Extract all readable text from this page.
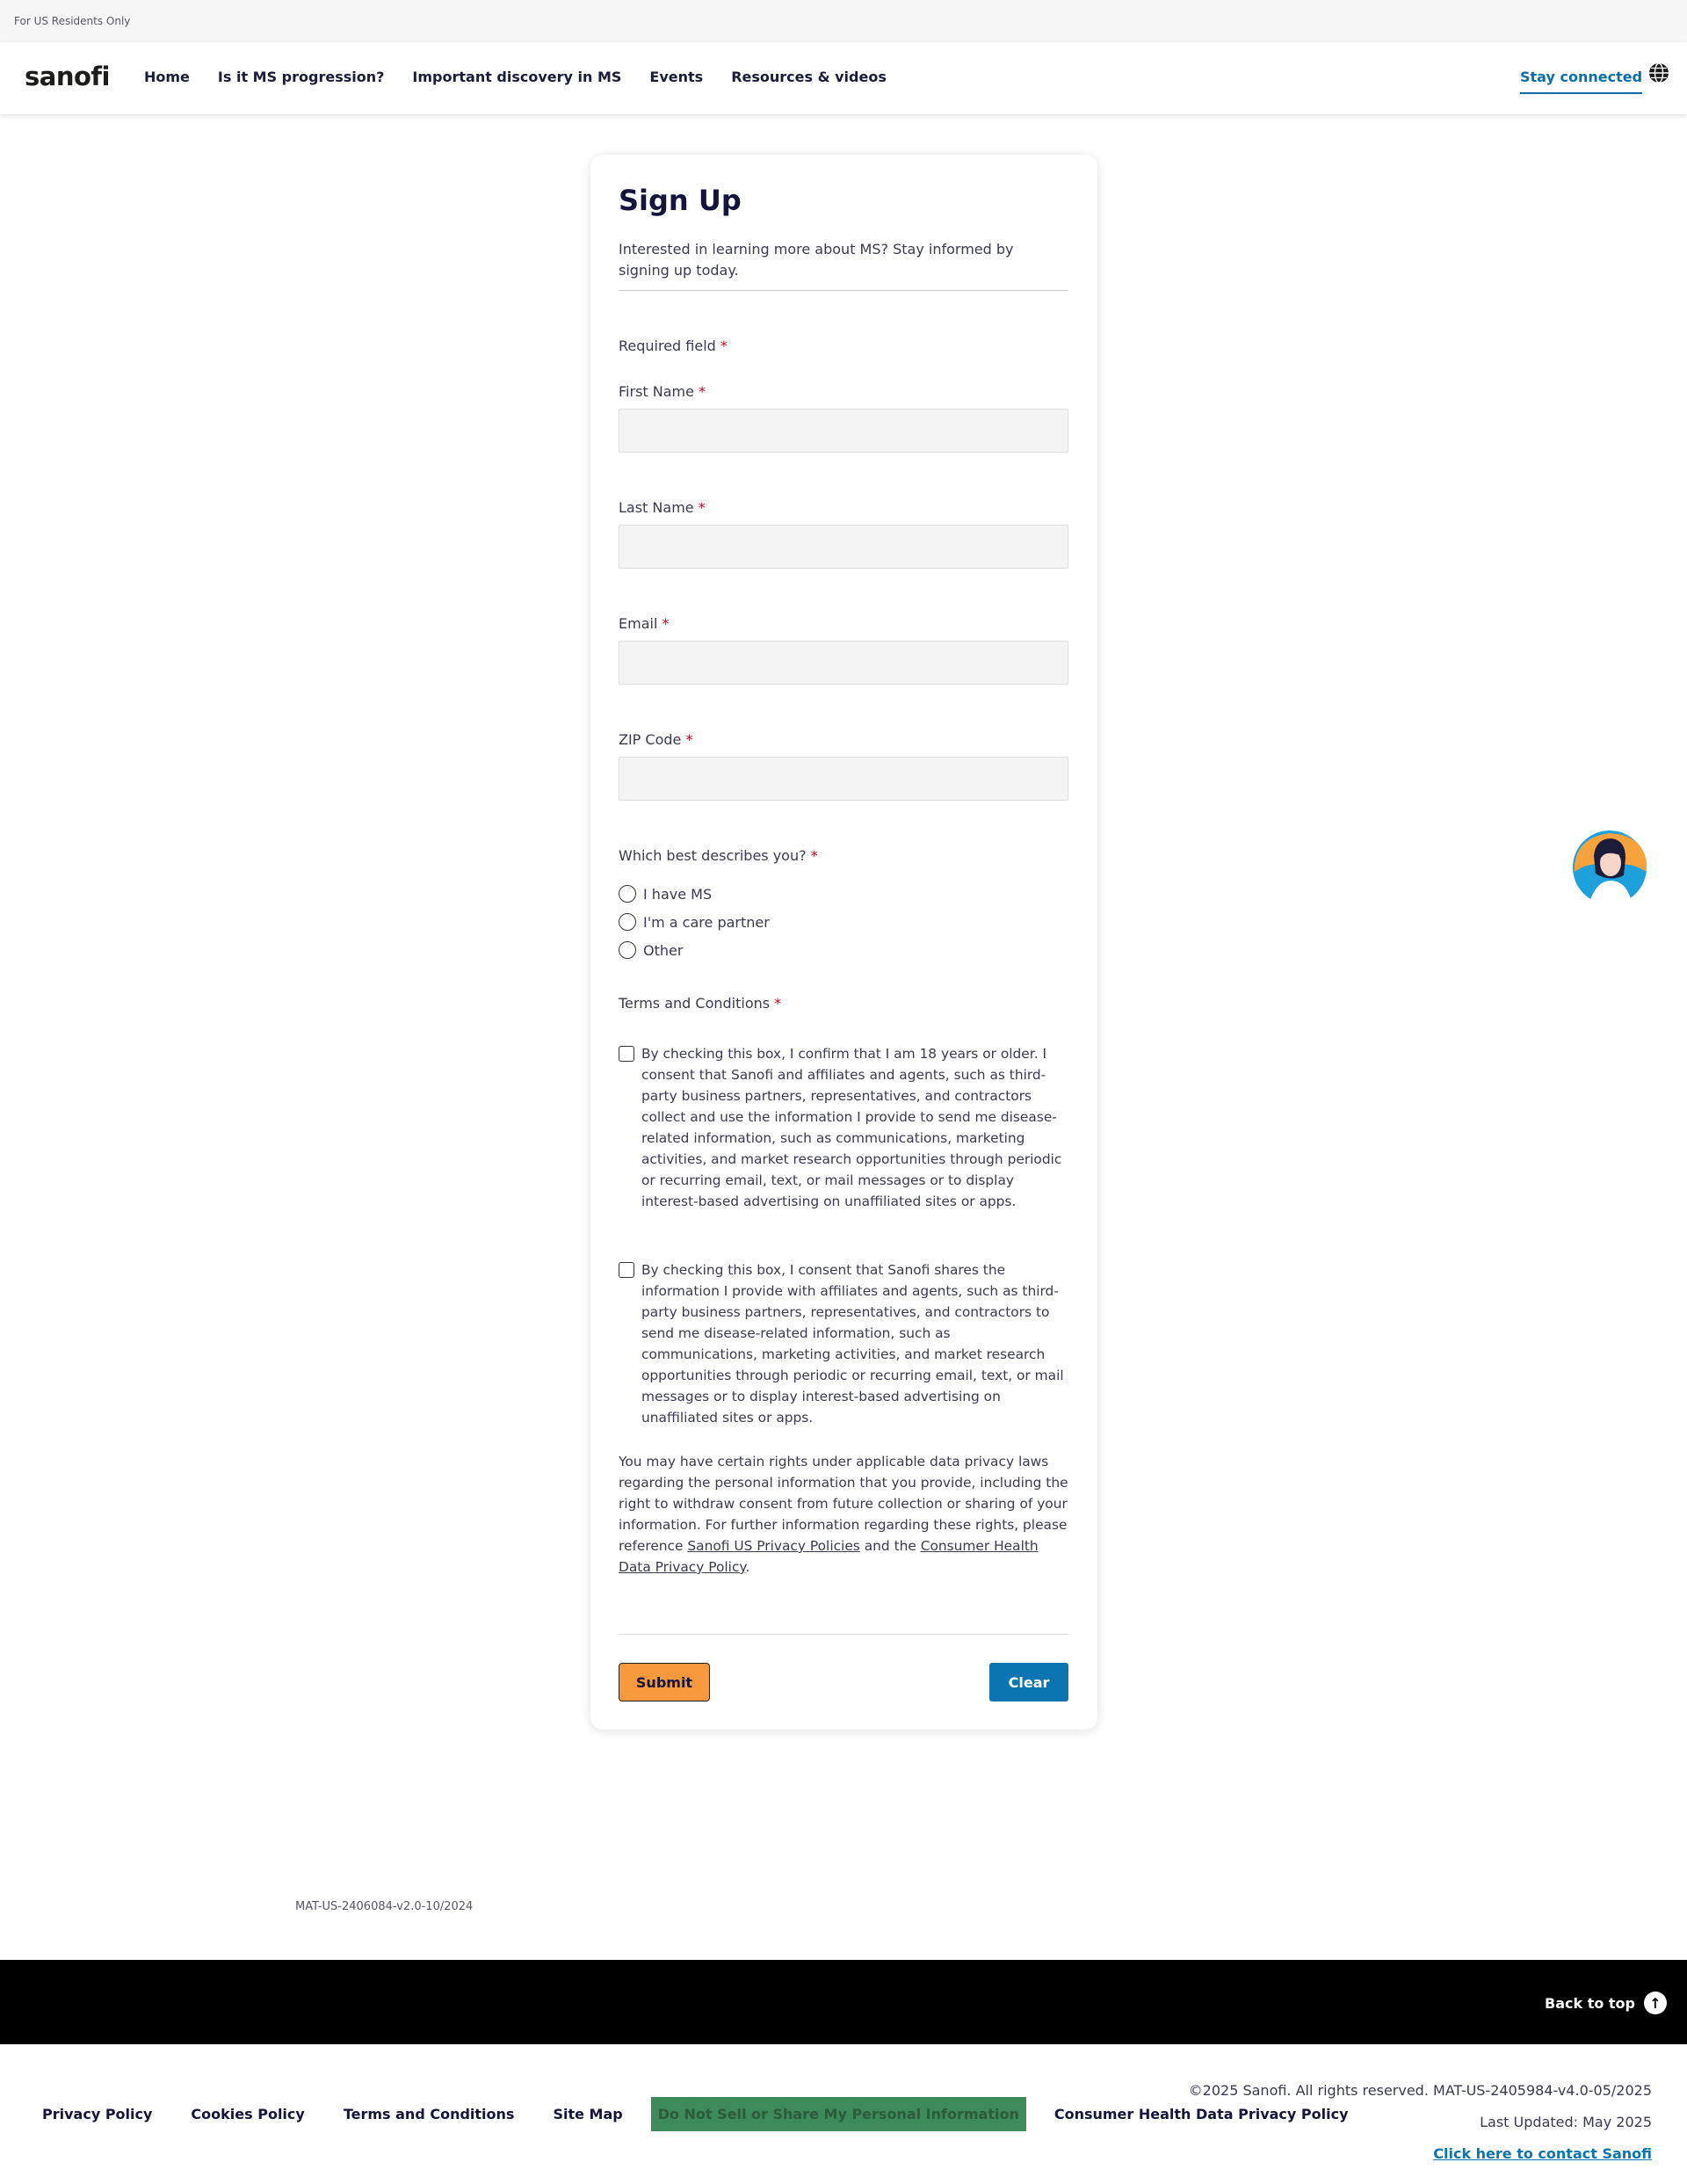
For US Residents Only
sanofi Home Is it MS progression? Important discovery in MS Events Resources & videos	Stay connected
Sign Up
Interested in learning more about MS? Stay informed by signing up today.
Required field *
First Name *
Last Name *
Email *
ZIP Code *
Which best describes you? *
I have MS
I'm a care partner
Other
Terms and Conditions *
By checking this box, I confirm that I am 18 years or older. I consent that Sanofi and affiliates and agents, such as third-party business partners, representatives, and contractors collect and use the information I provide to send me disease-related information, such as communications, marketing activities, and market research opportunities through periodic or recurring email, text, or mail messages or to display interest-based advertising on unaffiliated sites or apps.
By checking this box, I consent that Sanofi shares the information I provide with affiliates and agents, such as third-party business partners, representatives, and contractors to send me disease-related information, such as communications, marketing activities, and market research opportunities through periodic or recurring email, text, or mail messages or to display interest-based advertising on unaffiliated sites or apps.
You may have certain rights under applicable data privacy laws regarding the personal information that you provide, including the right to withdraw consent from future collection or sharing of your information. For further information regarding these rights, please reference Sanofi US Privacy Policies and the Consumer Health Data Privacy Policy.
Submit	Clear
MAT-US-2406084-v2.0-10/2024
Back to top	↑
Privacy Policy	Cookies Policy	Terms and Conditions	Site Map	Do Not Sell or Share My Personal Information	Consumer Health Data Privacy Policy
©2025 Sanofi. All rights reserved. MAT-US-2405984-v4.0-05/2025
Last Updated: May 2025
Click here to contact Sanofi
